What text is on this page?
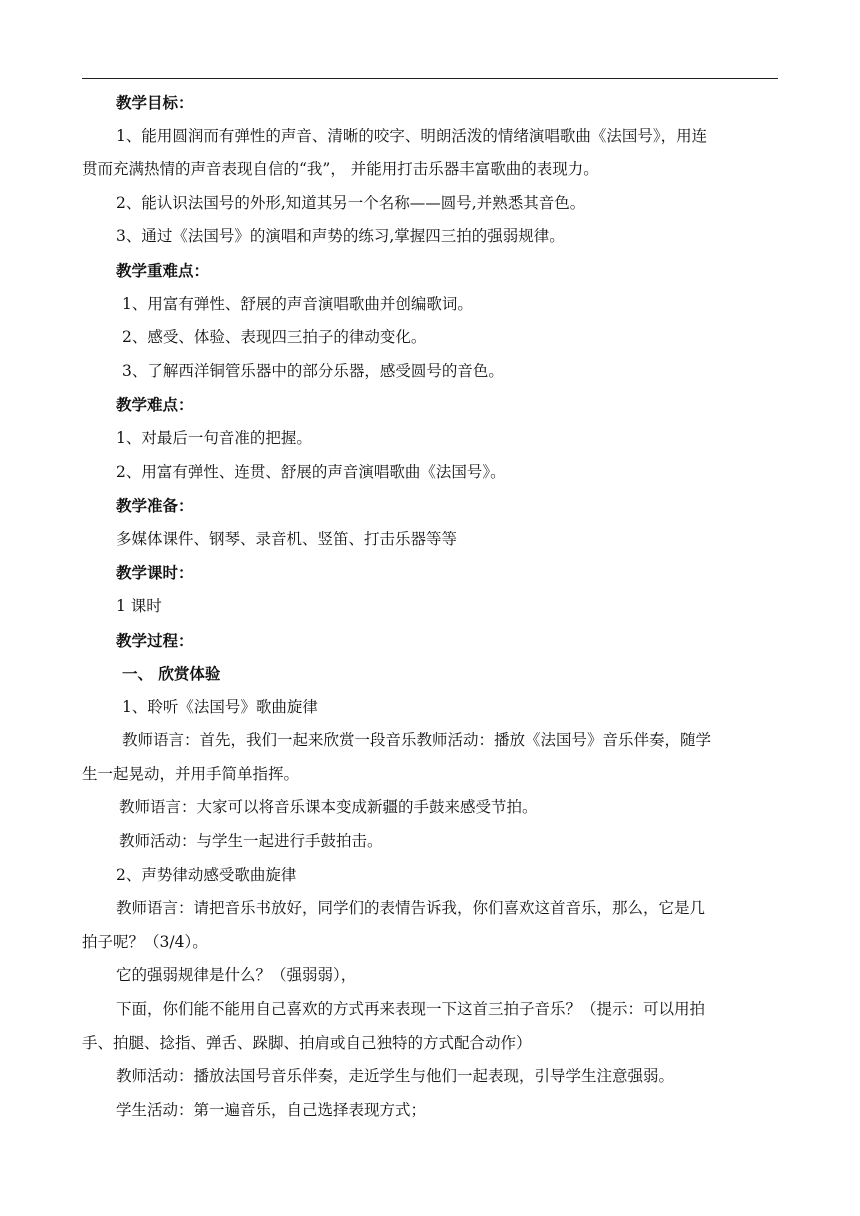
教学目标：
1、能用圆润而有弹性的声音、清晰的咬字、明朗活泼的情绪演唱歌曲《法国号》，用连
贯而充满热情的声音表现自信的“我”， 并能用打击乐器丰富歌曲的表现力。
2、能认识法国号的外形,知道其另一个名称——圆号,并熟悉其音色。
3、通过《法国号》的演唱和声势的练习,掌握四三拍的强弱规律。
教学重难点：
1、用富有弹性、舒展的声音演唱歌曲并创编歌词。
2、感受、体验、表现四三拍子的律动变化。
3、了解西洋铜管乐器中的部分乐器，感受圆号的音色。
教学难点：
1、对最后一句音准的把握。
2、用富有弹性、连贯、舒展的声音演唱歌曲《法国号》。
教学准备：
多媒体课件、钢琴、录音机、竖笛、打击乐器等等
教学课时：
1 课时
教学过程：
一、 欣赏体验
1、聆听《法国号》歌曲旋律
教师语言：首先，我们一起来欣赏一段音乐教师活动：播放《法国号》音乐伴奏，随学
生一起晃动，并用手简单指挥。
教师语言：大家可以将音乐课本变成新疆的手鼓来感受节拍。
教师活动：与学生一起进行手鼓拍击。
2、声势律动感受歌曲旋律
教师语言：请把音乐书放好，同学们的表情告诉我，你们喜欢这首音乐，那么，它是几
拍子呢？（3/4）。
它的强弱规律是什么？（强弱弱），
下面，你们能不能用自己喜欢的方式再来表现一下这首三拍子音乐？（提示：可以用拍
手、拍腿、捻指、弹舌、跺脚、拍肩或自己独特的方式配合动作）
教师活动：播放法国号音乐伴奏，走近学生与他们一起表现，引导学生注意强弱。
学生活动：第一遍音乐，自己选择表现方式；
